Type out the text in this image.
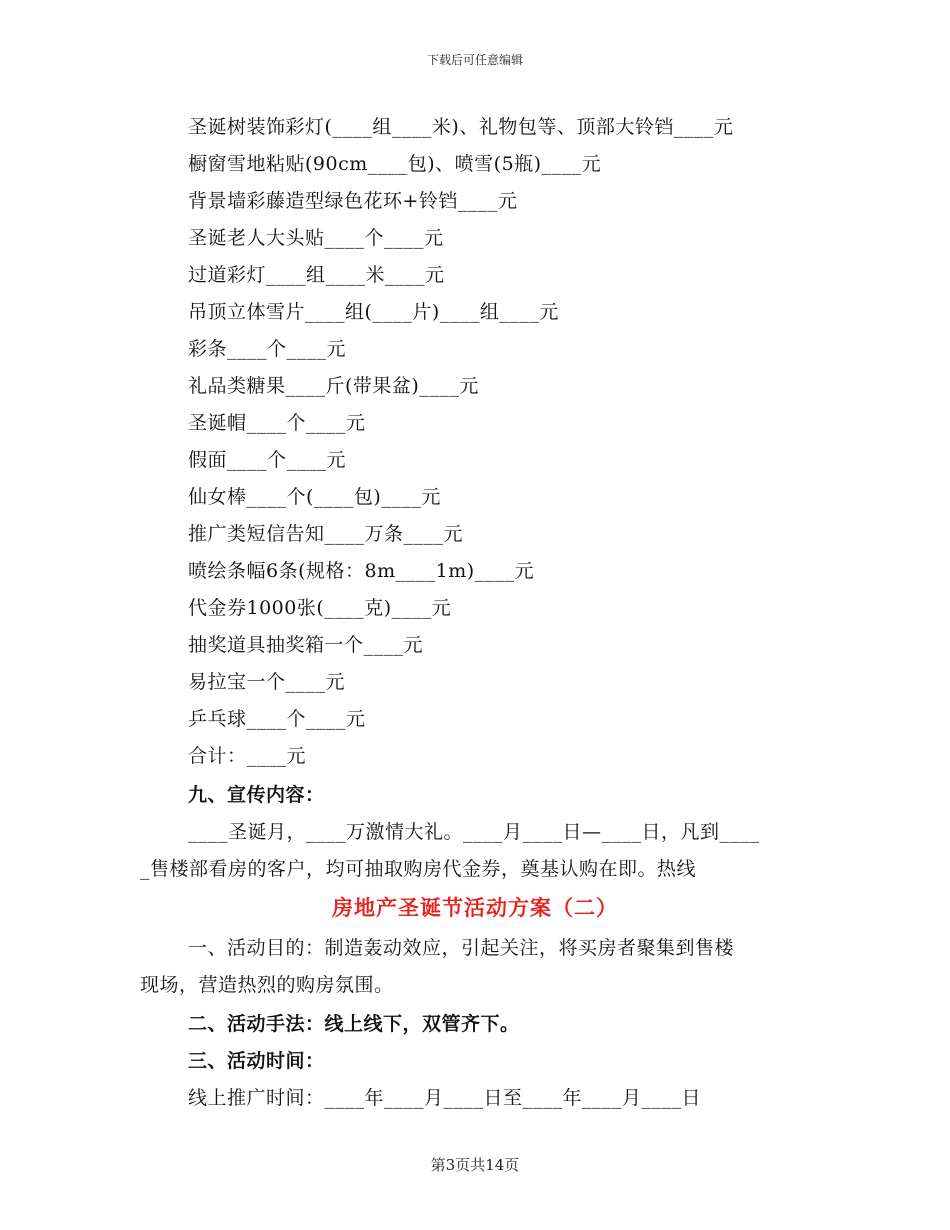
下载后可任意编辑
圣诞树装饰彩灯(____组____米)、礼物包等、顶部大铃铛____元
橱窗雪地粘贴(90cm____包)、喷雪(5瓶)____元
背景墙彩藤造型绿色花环+铃铛____元
圣诞老人大头贴____个____元
过道彩灯____组____米____元
吊顶立体雪片____组(____片)____组____元
彩条____个____元
礼品类糖果____斤(带果盆)____元
圣诞帽____个____元
假面____个____元
仙女棒____个(____包)____元
推广类短信告知____万条____元
喷绘条幅6条(规格：8m____1m)____元
代金券1000张(____克)____元
抽奖道具抽奖箱一个____元
易拉宝一个____元
乒乓球____个____元
合计：____元
九、宣传内容：
____圣诞月，____万激情大礼。____月____日—____日，凡到____
_售楼部看房的客户，均可抽取购房代金券，奠基认购在即。热线
房地产圣诞节活动方案（二）
一、活动目的：制造轰动效应，引起关注，将买房者聚集到售楼
现场，营造热烈的购房氛围。
二、活动手法：线上线下，双管齐下。
三、活动时间：
线上推广时间：____年____月____日至____年____月____日
第3页共14页
